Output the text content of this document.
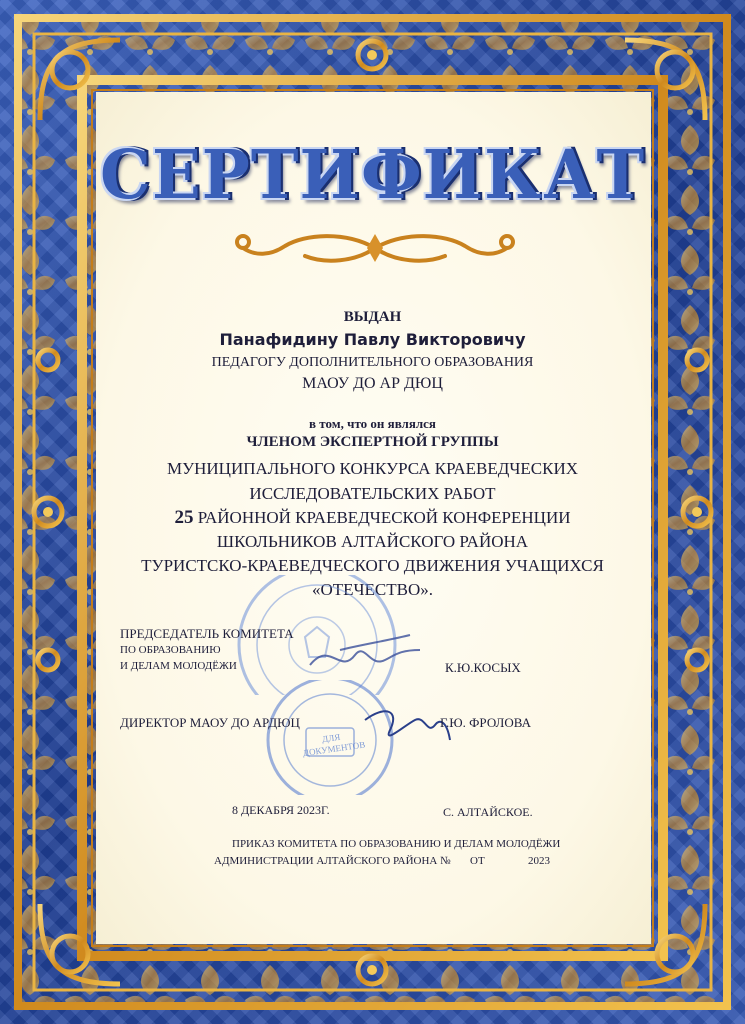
СЕРТИФИКАТ
ВЫДАН
Панафидину Павлу Викторовичу
ПЕДАГОГУ ДОПОЛНИТЕЛЬНОГО ОБРАЗОВАНИЯ
МАОУ ДО АР ДЮЦ
в том, что он являлся
ЧЛЕНОМ ЭКСПЕРТНОЙ ГРУППЫ
МУНИЦИПАЛЬНОГО КОНКУРСА КРАЕВЕДЧЕСКИХ
ИССЛЕДОВАТЕЛЬСКИХ РАБОТ
25 РАЙОННОЙ КРАЕВЕДЧЕСКОЙ КОНФЕРЕНЦИИ
ШКОЛЬНИКОВ АЛТАЙСКОГО РАЙОНА
ТУРИСТСКО-КРАЕВЕДЧЕСКОГО ДВИЖЕНИЯ УЧАЩИХСЯ
«ОТЕЧЕСТВО».
ДЛЯ ДОКУМЕНТОВ
ПРЕДСЕДАТЕЛЬ КОМИТЕТА
ПО ОБРАЗОВАНИЮ
И ДЕЛАМ МОЛОДЁЖИ	К.Ю.КОСЫХ
ДИРЕКТОР МАОУ ДО АРДЮЦ	Г.Ю. ФРОЛОВА
8 ДЕКАБРЯ 2023Г.	С. АЛТАЙСКОЕ.
ПРИКАЗ КОМИТЕТА ПО ОБРАЗОВАНИЮ И ДЕЛАМ МОЛОДЁЖИ
АДМИНИСТРАЦИИ АЛТАЙСКОГО РАЙОНА № ОТ	2023
